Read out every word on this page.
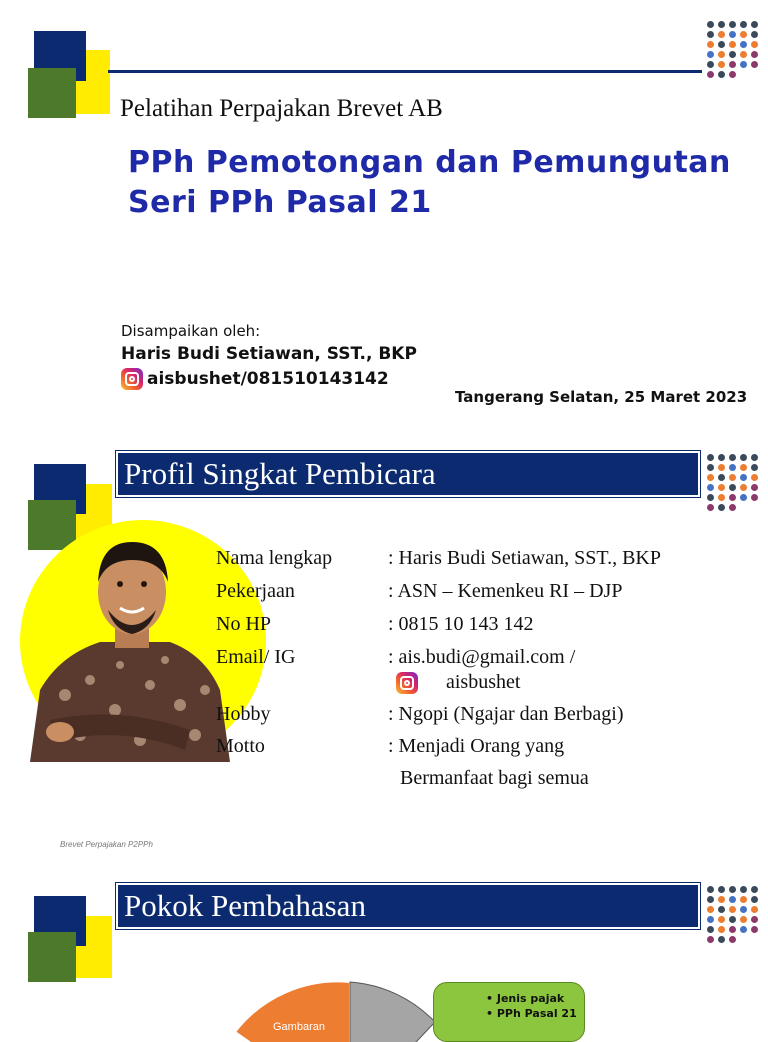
Pelatihan Perpajakan Brevet AB
PPh Pemotongan dan Pemungutan
Seri PPh Pasal 21
Disampaikan oleh:
Haris Budi Setiawan, SST., BKP
aisbushet/081510143142
Tangerang Selatan, 25 Maret 2023
Profil Singkat Pembicara
Nama lengkap	: Haris Budi Setiawan, SST., BKP
Pekerjaan	: ASN – Kemenkeu RI – DJP
No HP	: 0815 10 143 142
Email/ IG	: ais.budi@gmail.com /
aisbushet
Hobby	: Ngopi (Ngajar dan Berbagi)
Motto	: Menjadi Orang yang
Bermanfaat bagi semua
Brevet Perpajakan P2PPh
Pokok Pembahasan
Gambaran
• Jenis pajak
• PPh Pasal 21
